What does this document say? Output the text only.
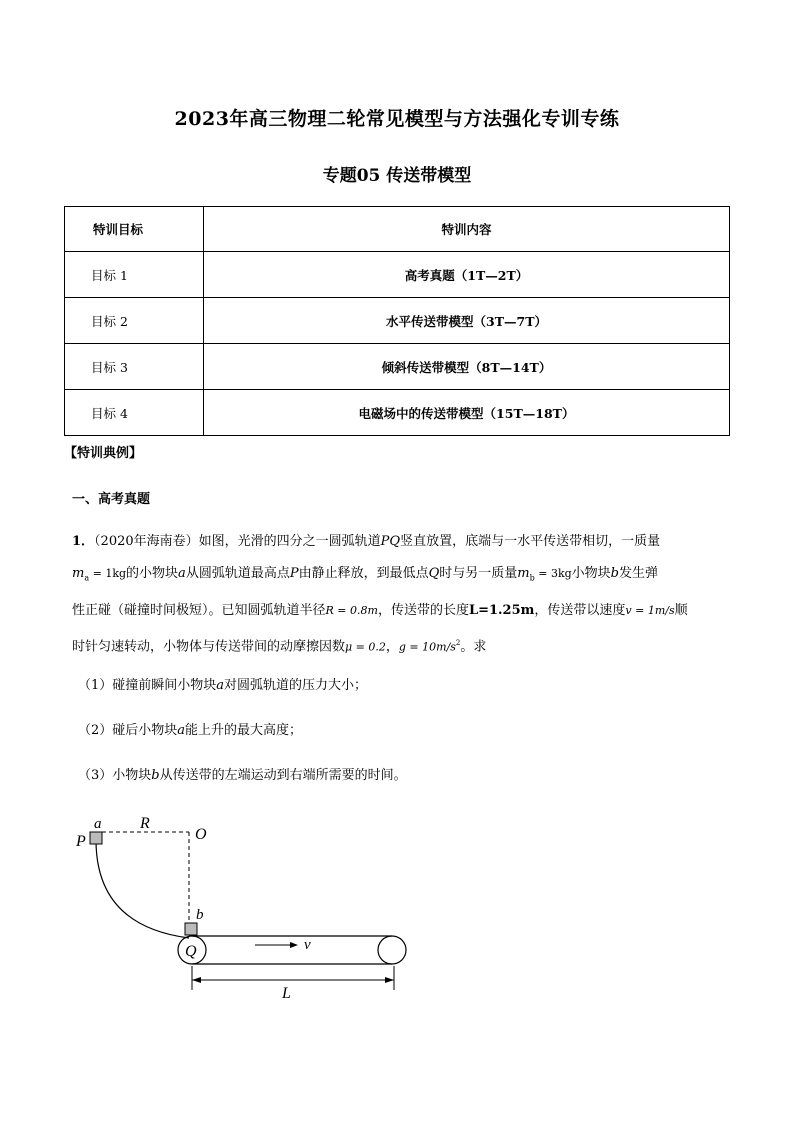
2023年高三物理二轮常见模型与方法强化专训专练
专题05 传送带模型
特训目标	特训内容
目标 1	高考真题（1T—2T）
目标 2	水平传送带模型（3T—7T）
目标 3	倾斜传送带模型（8T—14T）
目标 4	电磁场中的传送带模型（15T—18T）
【特训典例】
一、高考真题
1．（2020年海南卷）如图，光滑的四分之一圆弧轨道PQ竖直放置，底端与一水平传送带相切，一质量
$m_a = 1kg$的小物块a从圆弧轨道最高点P由静止释放，到最低点Q时与另一质量$m_b = 3kg$小物块b发生弹
性正碰（碰撞时间极短）。已知圆弧轨道半径R = 0.8m，传送带的长度L=1.25m，传送带以速度v = 1m/s顺
时针匀速转动，小物体与传送带间的动摩擦因数μ = 0.2，$g = 10m/s^2$。求
（1）碰撞前瞬间小物块a对圆弧轨道的压力大小；
（2）碰后小物块a能上升的最大高度；
（3）小物块b从传送带的左端运动到右端所需要的时间。
a
P
R
O
b
Q	v
L
